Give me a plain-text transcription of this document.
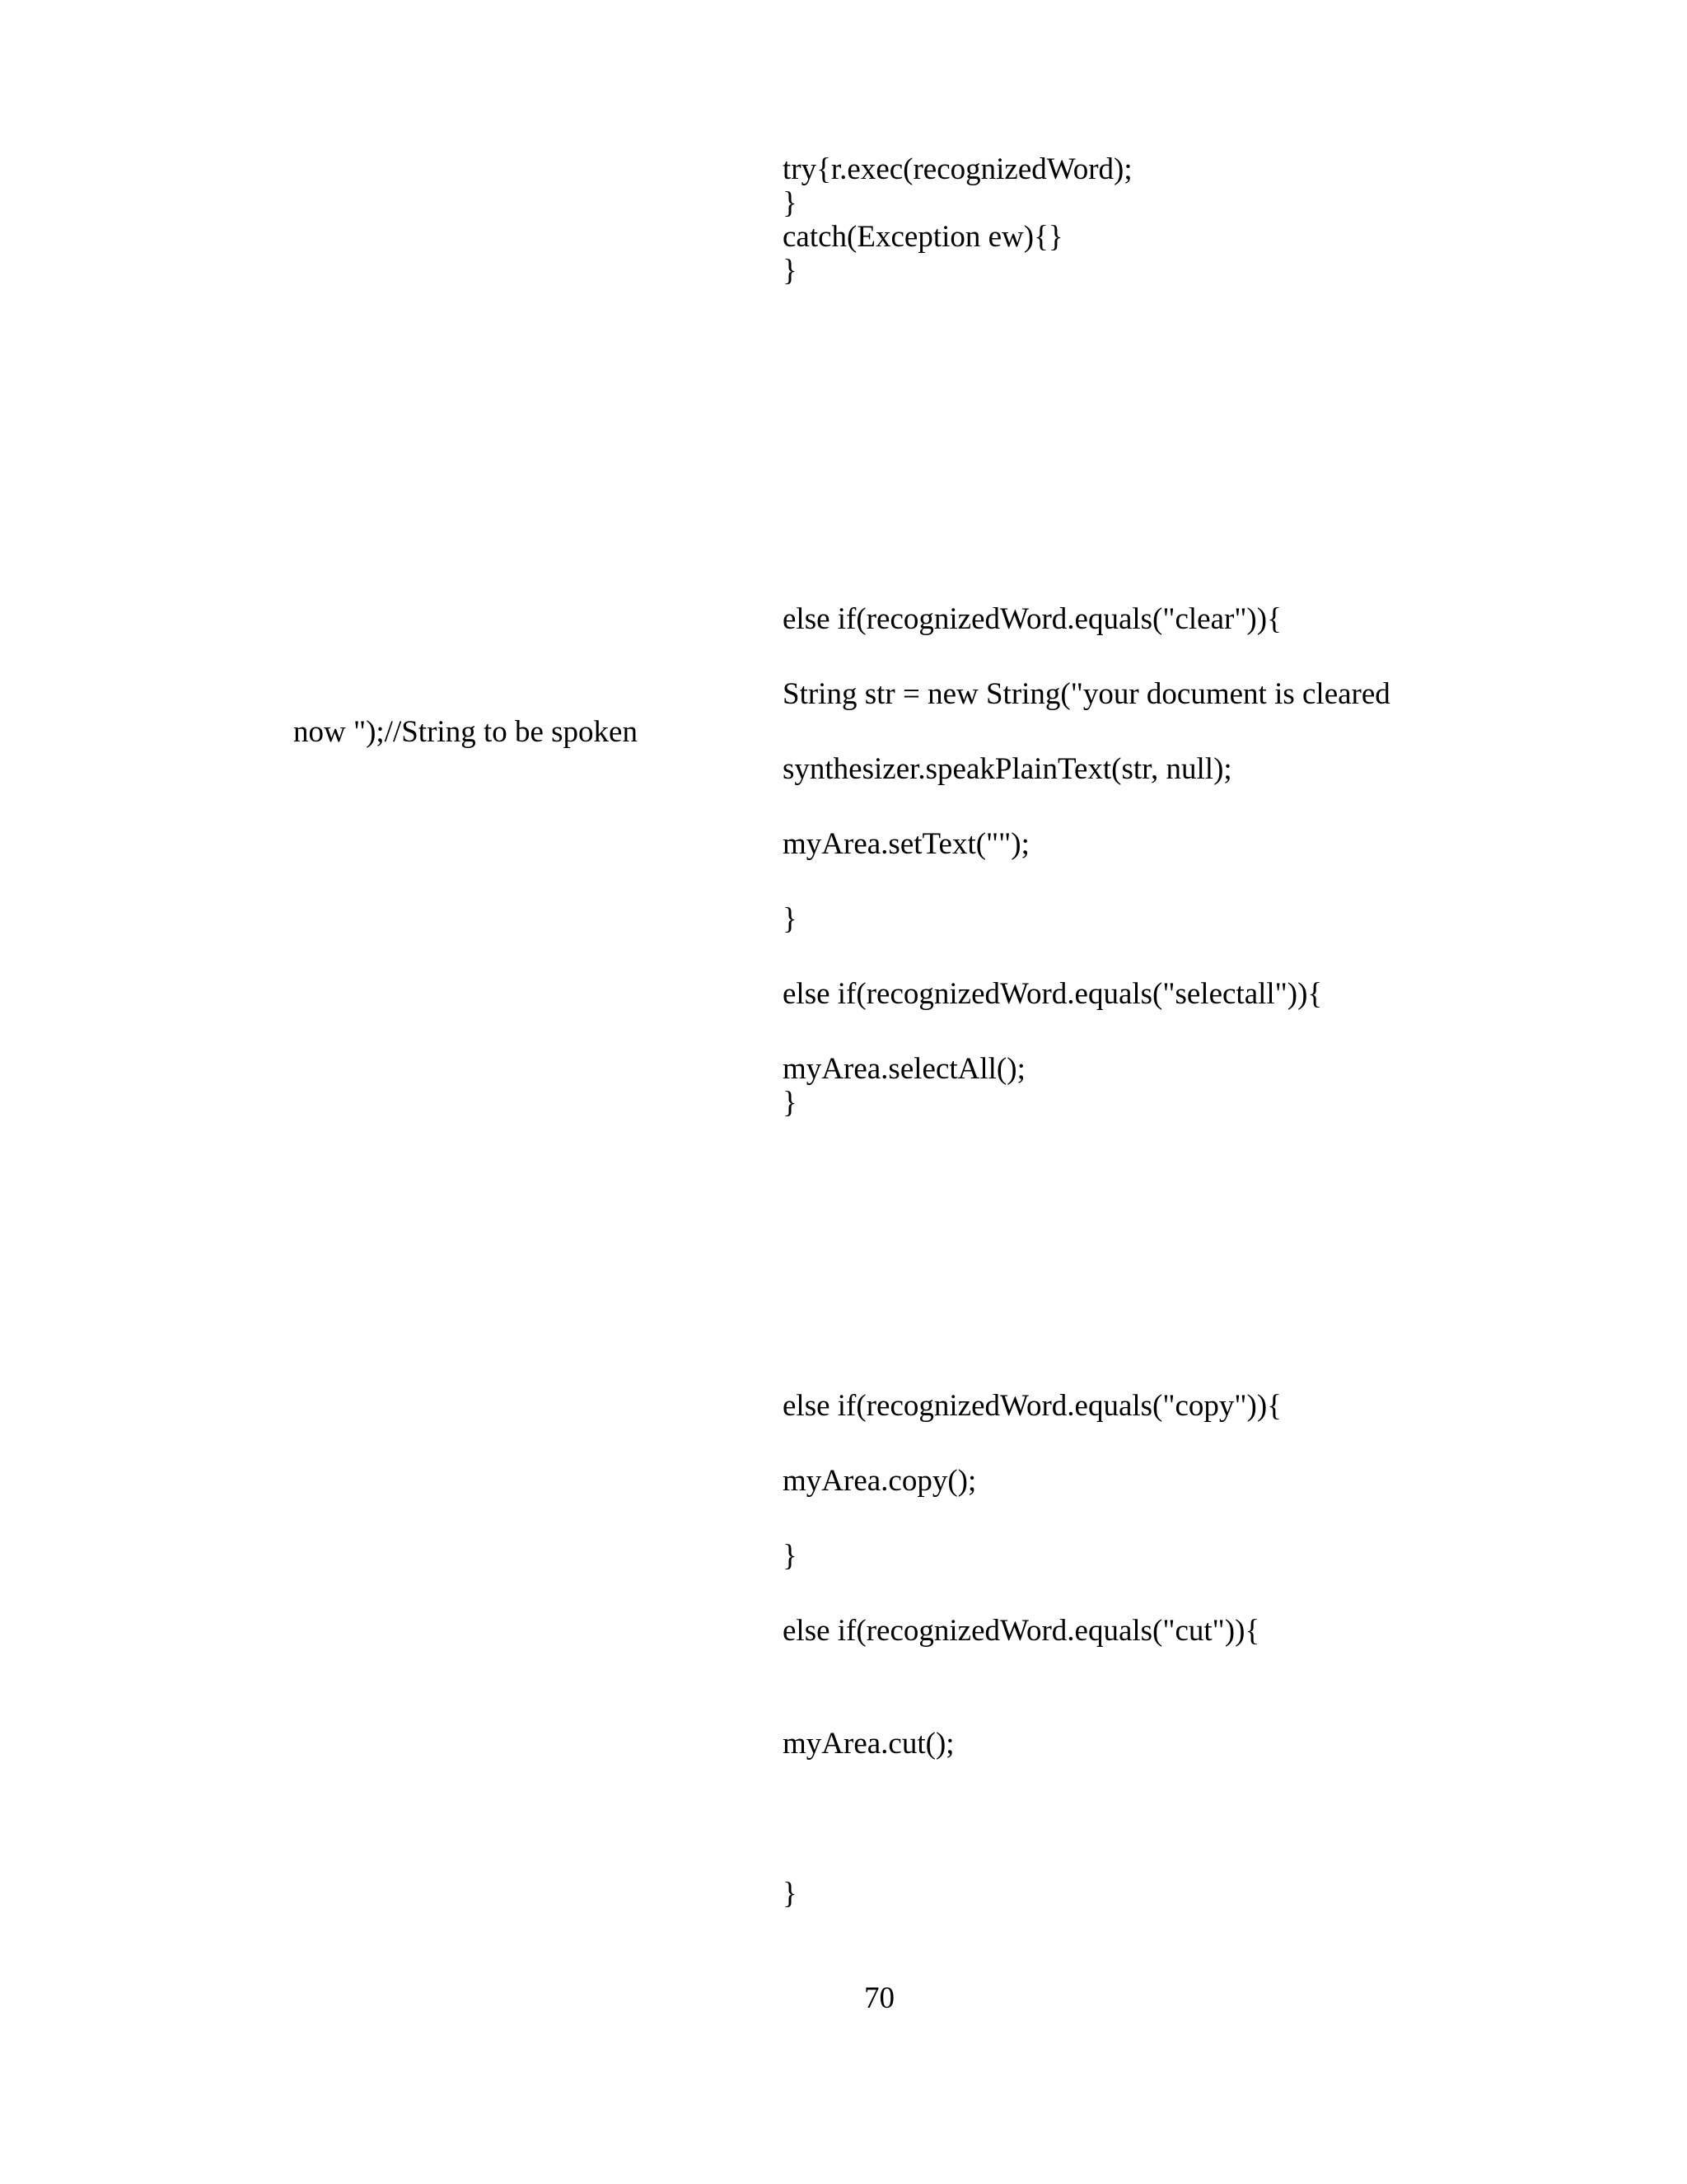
try{r.exec(recognizedWord);

}

catch(Exception ew){}

}

else if(recognizedWord.equals("clear")){

String str = new String("your document is cleared

now ");//String to be spoken

synthesizer.speakPlainText(str, null);

myArea.setText("");

}

else if(recognizedWord.equals("selectall")){

myArea.selectAll();

}

else if(recognizedWord.equals("copy")){

myArea.copy();

}

else if(recognizedWord.equals("cut")){

myArea.cut();

}

70
